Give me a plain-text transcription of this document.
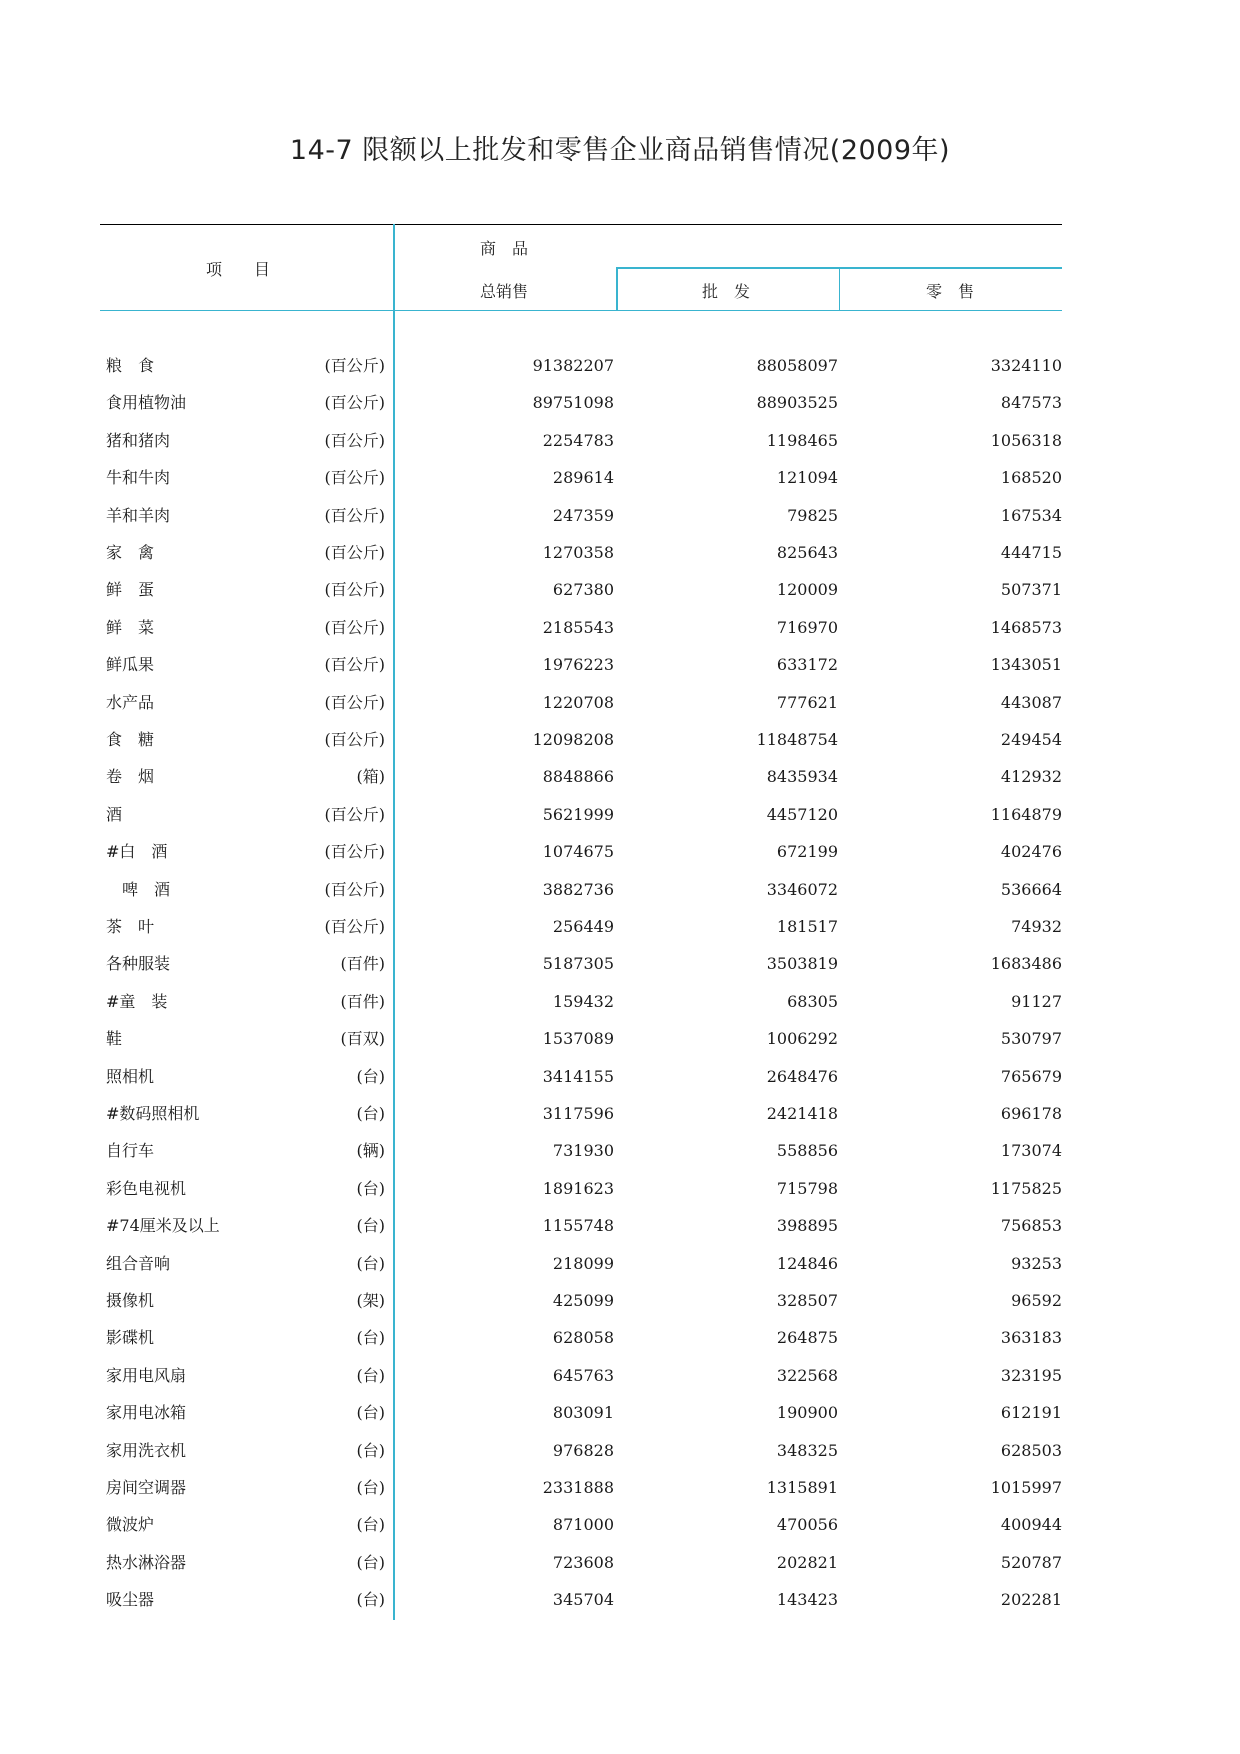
14-7 限额以上批发和零售企业商品销售情况(2009年)
项　　目
商　品
总销售	批　发	零　售
粮　食	(百公斤)	91382207	88058097	3324110
食用植物油	(百公斤)	89751098	88903525	847573
猪和猪肉	(百公斤)	2254783	1198465	1056318
牛和牛肉	(百公斤)	289614	121094	168520
羊和羊肉	(百公斤)	247359	79825	167534
家　禽	(百公斤)	1270358	825643	444715
鲜　蛋	(百公斤)	627380	120009	507371
鲜　菜	(百公斤)	2185543	716970	1468573
鲜瓜果	(百公斤)	1976223	633172	1343051
水产品	(百公斤)	1220708	777621	443087
食　糖	(百公斤)	12098208	11848754	249454
卷　烟	(箱)	8848866	8435934	412932
酒	(百公斤)	5621999	4457120	1164879
#白　酒	(百公斤)	1074675	672199	402476
　啤　酒	(百公斤)	3882736	3346072	536664
茶　叶	(百公斤)	256449	181517	74932
各种服装	(百件)	5187305	3503819	1683486
#童　装	(百件)	159432	68305	91127
鞋	(百双)	1537089	1006292	530797
照相机	(台)	3414155	2648476	765679
#数码照相机	(台)	3117596	2421418	696178
自行车	(辆)	731930	558856	173074
彩色电视机	(台)	1891623	715798	1175825
#74厘米及以上	(台)	1155748	398895	756853
组合音响	(台)	218099	124846	93253
摄像机	(架)	425099	328507	96592
影碟机	(台)	628058	264875	363183
家用电风扇	(台)	645763	322568	323195
家用电冰箱	(台)	803091	190900	612191
家用洗衣机	(台)	976828	348325	628503
房间空调器	(台)	2331888	1315891	1015997
微波炉	(台)	871000	470056	400944
热水淋浴器	(台)	723608	202821	520787
吸尘器	(台)	345704	143423	202281
